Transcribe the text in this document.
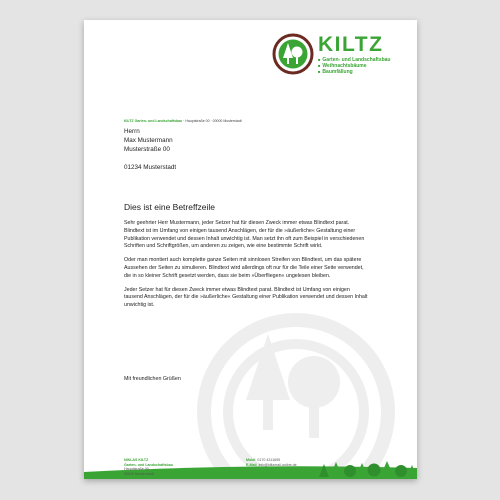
KILTZ
■ Garten- und Landschaftsbau
■ Weihnachtsbäume
■ Baumfällung
KILTZ Garten- und Landschaftsbau · Hauptstraße 00 · 00000 Musterstadt
Herrn
Max Mustermann
Musterstraße 00
01234 Musterstadt
Dies ist eine Betreffzeile

Sehr geehrter Herr Mustermann, jeder Setzer hat für diesen Zweck immer etwas Blindtext parat. Blindtext ist im Umfang von einigen tausend Anschlägen, der für die »äußerliche« Gestaltung einer Publikation verwendet und dessen Inhalt unwichtig ist. Man setzt ihn oft zum Beispiel in verschiedenen Schriften und Schriftgrößen, um anderen zu zeigen, wie eine bestimmte Schrift wirkt.

Oder man montiert auch komplette ganze Seiten mit sinnlosen Streifen von Blindtext, um das spätere Aussehen der Seiten zu simulieren. Blindtext wird allerdings oft nur für die Teile einer Seite verwendet, die in so kleiner Schrift gesetzt werden, dass sie beim »Überfliegen« ungelesen bleiben.

Jeder Setzer hat für diesen Zweck immer etwas Blindtext parat. Blindtext ist Umfang von einigen tausend Anschlägen, der für die »äußerliche« Gestaltung einer Publikation verwendet und dessen Inhalt unwichtig ist.

Mit freundlichen Grüßen
NIKLAS KILTZ
Garten- und Landschaftsbau
Hauptstraße 00
00000 Musterstadt
Mobil 0170 4311695
E-Mail info@kiltzmail-online.de
